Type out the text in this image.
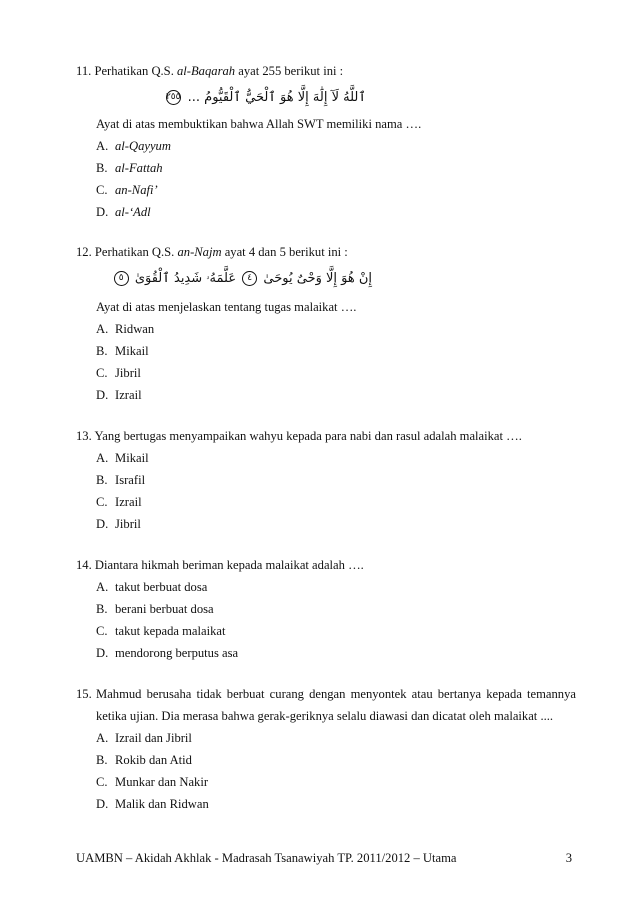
11. Perhatikan Q.S. al-Baqarah ayat 255 berikut ini :
ٱللَّهُ لَآ إِلَٰهَ إِلَّا هُوَ ٱلْحَيُّ ٱلْقَيُّومُ ... ٢٥٥
Ayat di atas membuktikan bahwa Allah SWT memiliki nama ….
A. al-Qayyum
B. al-Fattah
C. an-Nafi’
D. al-‘Adl
12. Perhatikan Q.S. an-Najm ayat 4 dan 5 berikut ini :
إِنْ هُوَ إِلَّا وَحْىٌ يُوحَىٰ ٤ عَلَّمَهُۥ شَدِيدُ ٱلْقُوَىٰ ٥
Ayat di atas menjelaskan tentang tugas malaikat ….
A. Ridwan
B. Mikail
C. Jibril
D. Izrail
13. Yang bertugas menyampaikan wahyu kepada para nabi dan rasul adalah malaikat ….
A. Mikail
B. Israfil
C. Izrail
D. Jibril
14. Diantara hikmah beriman kepada malaikat adalah ….
A. takut berbuat dosa
B. berani berbuat dosa
C. takut kepada malaikat
D. mendorong berputus asa
15. Mahmud berusaha tidak berbuat curang dengan menyontek atau bertanya kepada temannya
ketika ujian. Dia merasa bahwa gerak-geriknya selalu diawasi dan dicatat oleh malaikat ....
A. Izrail dan Jibril
B. Rokib dan Atid
C. Munkar dan Nakir
D. Malik dan Ridwan
UAMBN – Akidah Akhlak - Madrasah Tsanawiyah TP. 2011/2012 – Utama	3
